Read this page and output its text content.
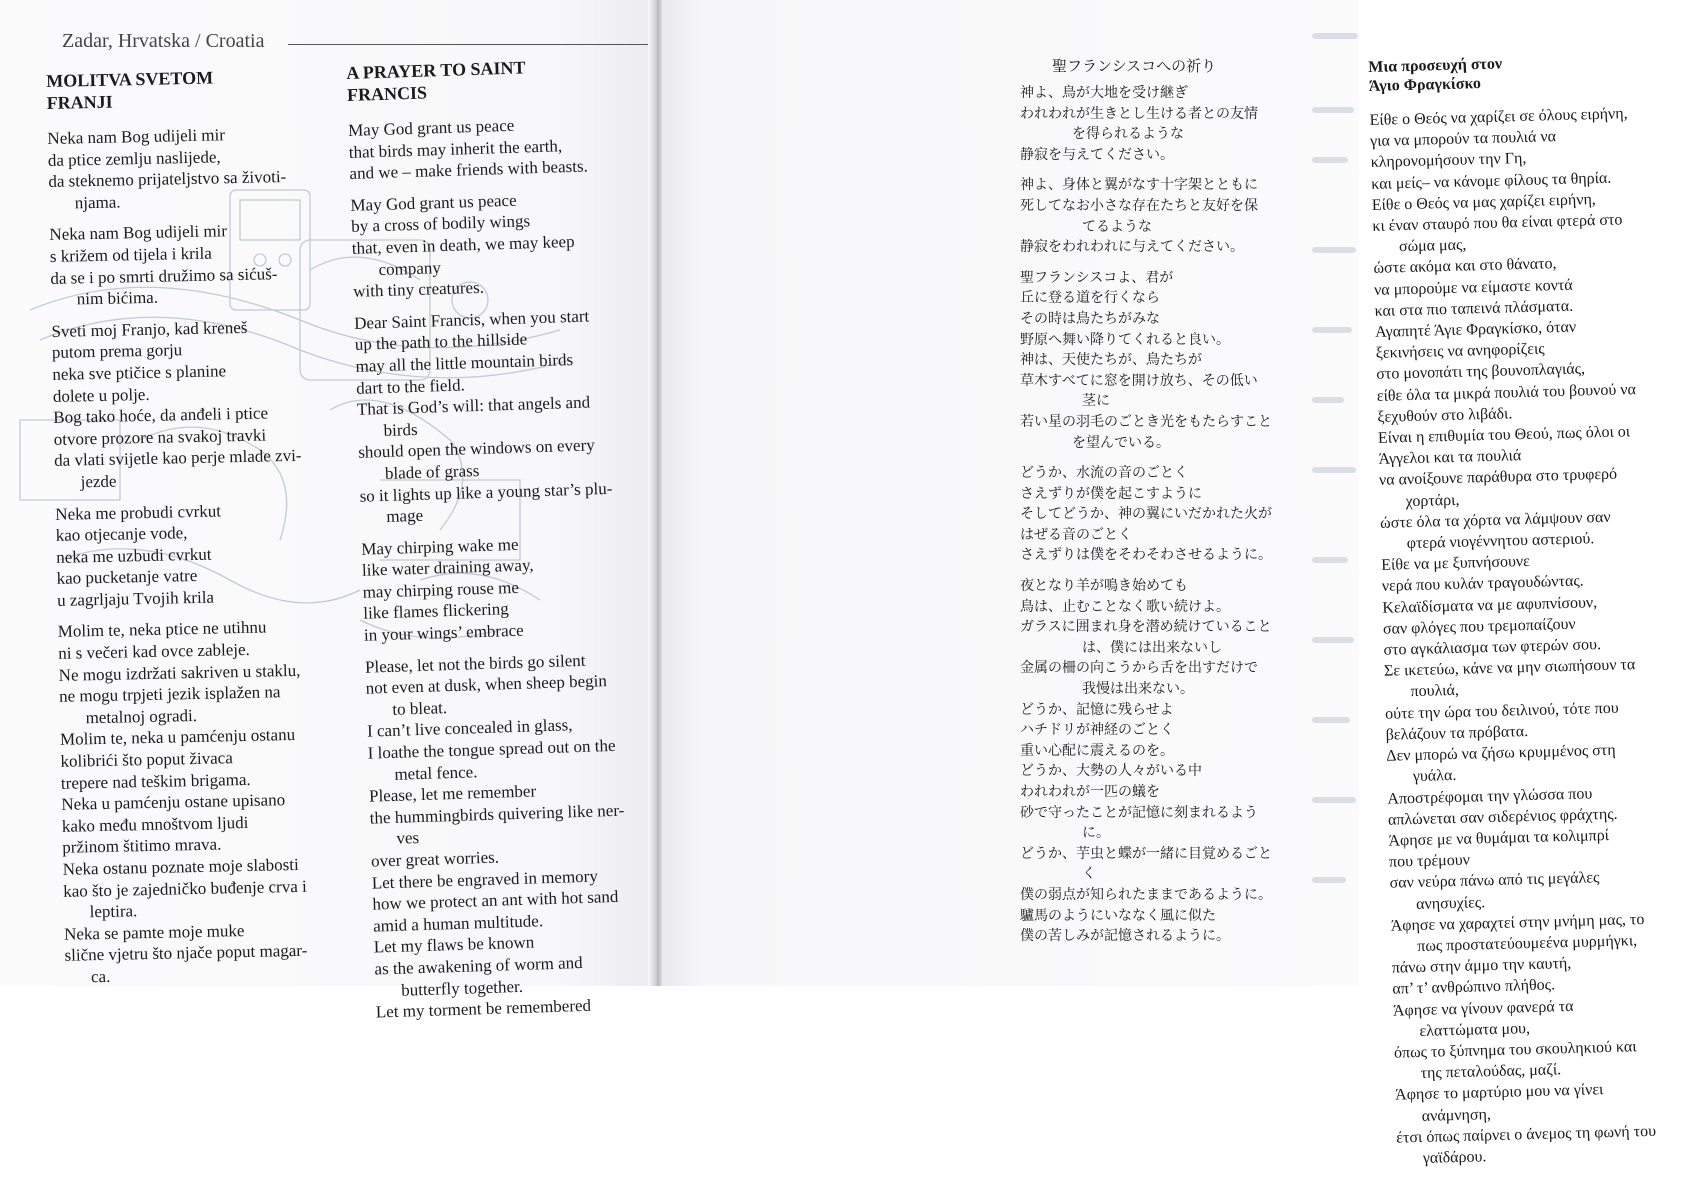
Zadar, Hrvatska / Croatia
MOLITVA SVETOM
FRANJI
Neka nam Bog udijeli mir
da ptice zemlju naslijede,
da steknemo prijateljstvo sa životi-
njama.
Neka nam Bog udijeli mir
s križem od tijela i krila
da se i po smrti družimo sa sićuš-
nim bićima.
Sveti moj Franjo, kad kreneš
putom prema gorju
neka sve ptičice s planine
dolete u polje.
Bog tako hoće, da anđeli i ptice
otvore prozore na svakoj travki
da vlati svijetle kao perje mlade zvi-
jezde
Neka me probudi cvrkut
kao otjecanje vode,
neka me uzbudi cvrkut
kao pucketanje vatre
u zagrljaju Tvojih krila
Molim te, neka ptice ne utihnu
ni s večeri kad ovce zableje.
Ne mogu izdržati sakriven u staklu,
ne mogu trpjeti jezik isplažen na
metalnoj ogradi.
Molim te, neka u pamćenju ostanu
kolibrići što poput živaca
trepere nad teškim brigama.
Neka u pamćenju ostane upisano
kako među mnoštvom ljudi
pržinom štitimo mrava.
Neka ostanu poznate moje slabosti
kao što je zajedničko buđenje crva i
leptira.
Neka se pamte moje muke
slične vjetru što njače poput magar-
ca.
A PRAYER TO SAINT
FRANCIS
May God grant us peace
that birds may inherit the earth,
and we – make friends with beasts.
May God grant us peace
by a cross of bodily wings
that, even in death, we may keep
company
with tiny creatures.
Dear Saint Francis, when you start
up the path to the hillside
may all the little mountain birds
dart to the field.
That is God’s will: that angels and
birds
should open the windows on every
blade of grass
so it lights up like a young star’s plu-
mage
May chirping wake me
like water draining away,
may chirping rouse me
like flames flickering
in your wings’ embrace
Please, let not the birds go silent
not even at dusk, when sheep begin
to bleat.
I can’t live concealed in glass,
I loathe the tongue spread out on the
metal fence.
Please, let me remember
the hummingbirds quivering like ner-
ves
over great worries.
Let there be engraved in memory
how we protect an ant with hot sand
amid a human multitude.
Let my flaws be known
as the awakening of worm and
butterfly together.
Let my torment be remembered
Μια προσευχή στον
Άγιο Φραγκίσκο
Είθε ο Θεός να χαρίζει σε όλους ειρήνη,
για να μπορούν τα πουλιά να
κληρονομήσουν την Γη,
και μείς– να κάνομε φίλους τα θηρία.
Είθε ο Θεός να μας χαρίζει ειρήνη,
κι έναν σταυρό που θα είναι φτερά στο
σώμα μας,
ώστε ακόμα και στο θάνατο,
να μπορούμε να είμαστε κοντά
και στα πιο ταπεινά πλάσματα.
Αγαπητέ Άγιε Φραγκίσκο, όταν
ξεκινήσεις να ανηφορίζεις
στο μονοπάτι της βουνοπλαγιάς,
είθε όλα τα μικρά πουλιά του βουνού να
ξεχυθούν στο λιβάδι.
Είναι η επιθυμία του Θεού, πως όλοι οι
Άγγελοι και τα πουλιά
να ανοίξουνε παράθυρα στο τρυφερό
χορτάρι,
ώστε όλα τα χόρτα να λάμψουν σαν
φτερά νιογέννητου αστεριού.
Είθε να με ξυπνήσουνε
νερά που κυλάν τραγουδώντας.
Κελαϊδίσματα να με αφυπνίσουν,
σαν φλόγες που τρεμοπαίζουν
στο αγκάλιασμα των φτερών σου.
Σε ικετεύω, κάνε να μην σιωπήσουν τα
πουλιά,
ούτε την ώρα του δειλινού, τότε που
βελάζουν τα πρόβατα.
Δεν μπορώ να ζήσω κρυμμένος στη
γυάλα.
Αποστρέφομαι την γλώσσα που
απλώνεται σαν σιδερένιος φράχτης.
Άφησε με να θυμάμαι τα κολιμπρί
που τρέμουν
σαν νεύρα πάνω από τις μεγάλες
ανησυχίες.
Άφησε να χαραχτεί στην μνήμη μας, το
πως προστατεύουμεένα μυρμήγκι,
πάνω στην άμμο την καυτή,
απ’ τ’ ανθρώπινο πλήθος.
Άφησε να γίνουν φανερά τα
ελαττώματα μου,
όπως το ξύπνημα του σκουληκιού και
της πεταλούδας, μαζί.
Άφησε το μαρτύριο μου να γίνει
ανάμνηση,
έτσι όπως παίρνει ο άνεμος τη φωνή του
γαϊδάρου.
聖フランシスコへの祈り
神よ、鳥が大地を受け継ぎ
われわれが生きとし生ける者との友情
を得られるような
静寂を与えてください。
神よ、身体と翼がなす十字架とともに
死してなお小さな存在たちと友好を保
てるような
静寂をわれわれに与えてください。
聖フランシスコよ、君が
丘に登る道を行くなら
その時は鳥たちがみな
野原へ舞い降りてくれると良い。
神は、天使たちが、鳥たちが
草木すべてに窓を開け放ち、その低い
茎に
若い星の羽毛のごとき光をもたらすこと
を望んでいる。
どうか、水流の音のごとく
さえずりが僕を起こすように
そしてどうか、神の翼にいだかれた火が
はぜる音のごとく
さえずりは僕をそわそわさせるように。
夜となり羊が鳴き始めても
鳥は、止むことなく歌い続けよ。
ガラスに囲まれ身を潜め続けていること
は、僕には出来ないし
金属の柵の向こうから舌を出すだけで
我慢は出来ない。
どうか、記憶に残らせよ
ハチドリが神経のごとく
重い心配に震えるのを。
どうか、大勢の人々がいる中
われわれが一匹の蟻を
砂で守ったことが記憶に刻まれるよう
に。
どうか、芋虫と蝶が一緒に目覚めるごと
く
僕の弱点が知られたままであるように。
驢馬のようにいななく風に似た
僕の苦しみが記憶されるように。
